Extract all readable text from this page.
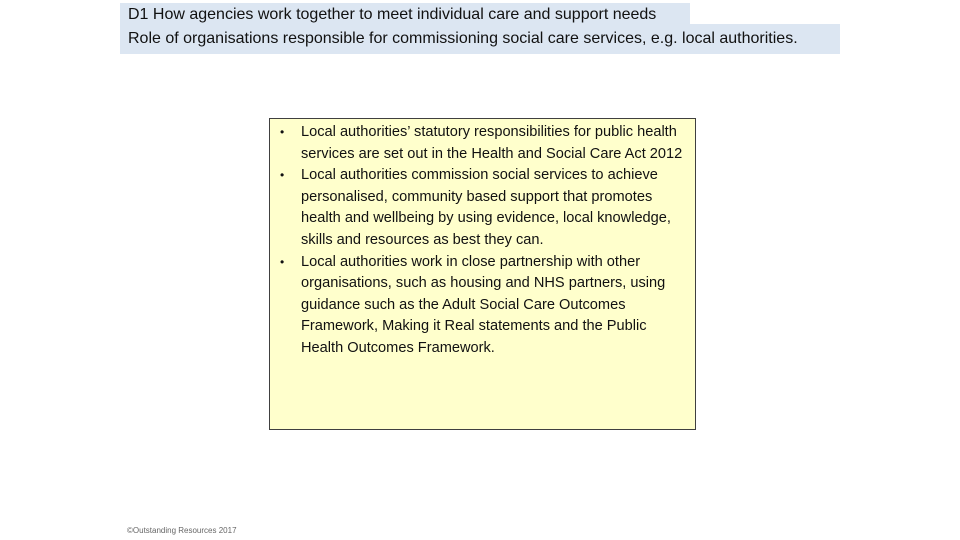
D1 How agencies work together to meet individual care and support needs
Role of organisations responsible for commissioning social care services, e.g. local authorities.
• Local authorities’ statutory responsibilities for public health services are set out in the Health and Social Care Act 2012
• Local authorities commission social services to achieve personalised, community based support that promotes health and wellbeing by using evidence, local knowledge, skills and resources as best they can.
• Local authorities work in close partnership with other organisations, such as housing and NHS partners, using guidance such as the Adult Social Care Outcomes Framework, Making it Real statements and the Public Health Outcomes Framework.
©Outstanding Resources 2017
